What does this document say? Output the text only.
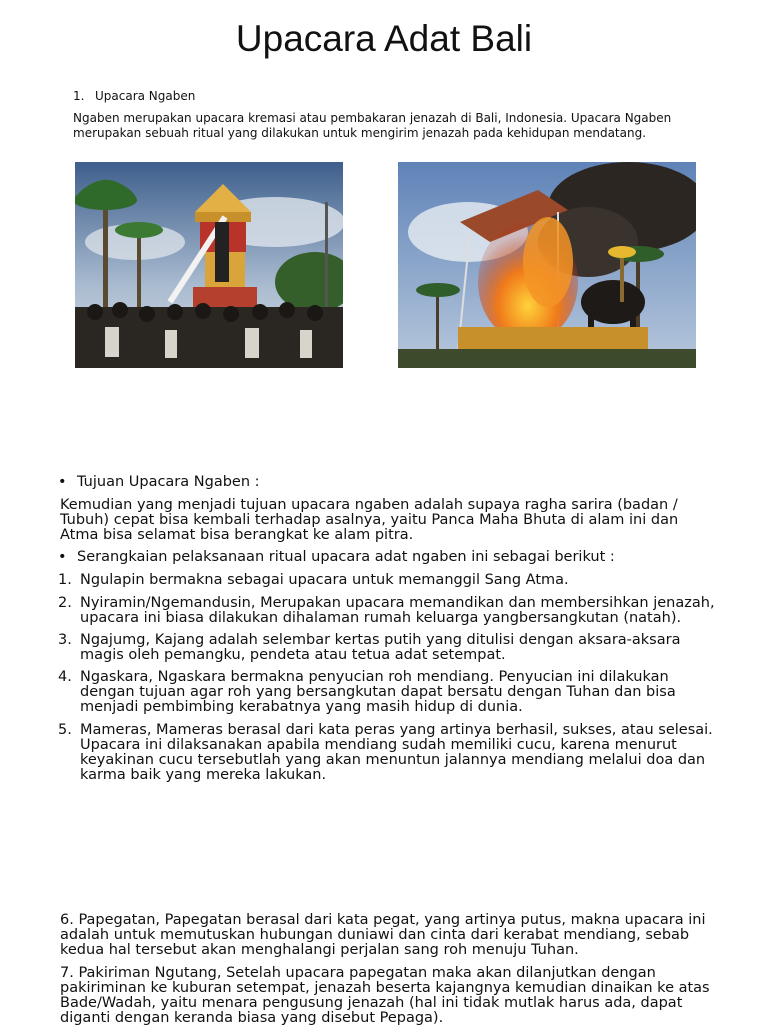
Upacara Adat Bali
1. Upacara Ngaben
Ngaben merupakan upacara kremasi atau pembakaran jenazah di Bali, Indonesia. Upacara Ngaben merupakan sebuah ritual yang dilakukan untuk mengirim jenazah pada kehidupan mendatang.
• Tujuan Upacara Ngaben :
Kemudian yang menjadi tujuan upacara ngaben adalah supaya ragha sarira (badan / Tubuh) cepat bisa kembali terhadap asalnya, yaitu Panca Maha Bhuta di alam ini dan Atma bisa selamat bisa berangkat ke alam pitra.
• Serangkaian pelaksanaan ritual upacara adat ngaben ini sebagai berikut :
1. Ngulapin bermakna sebagai upacara untuk memanggil Sang Atma.
2. Nyiramin/Ngemandusin, Merupakan upacara memandikan dan membersihkan jenazah, upacara ini biasa dilakukan dihalaman rumah keluarga yangbersangkutan (natah).
3. Ngajumg, Kajang adalah selembar kertas putih yang ditulisi dengan aksara-aksara magis oleh pemangku, pendeta atau tetua adat setempat.
4. Ngaskara, Ngaskara bermakna penyucian roh mendiang. Penyucian ini dilakukan dengan tujuan agar roh yang bersangkutan dapat bersatu dengan Tuhan dan bisa menjadi pembimbing kerabatnya yang masih hidup di dunia.
5. Mameras, Mameras berasal dari kata peras yang artinya berhasil, sukses, atau selesai. Upacara ini dilaksanakan apabila mendiang sudah memiliki cucu, karena menurut keyakinan cucu tersebutlah yang akan menuntun jalannya mendiang melalui doa dan karma baik yang mereka lakukan.
6. Papegatan, Papegatan berasal dari kata pegat, yang artinya putus, makna upacara ini adalah untuk memutuskan hubungan duniawi dan cinta dari kerabat mendiang, sebab kedua hal tersebut akan menghalangi perjalan sang roh menuju Tuhan.
7. Pakiriman Ngutang, Setelah upacara papegatan maka akan dilanjutkan dengan pakiriminan ke kuburan setempat, jenazah beserta kajangnya kemudian dinaikan ke atas Bade/Wadah, yaitu menara pengusung jenazah (hal ini tidak mutlak harus ada, dapat diganti dengan keranda biasa yang disebut Pepaga).
